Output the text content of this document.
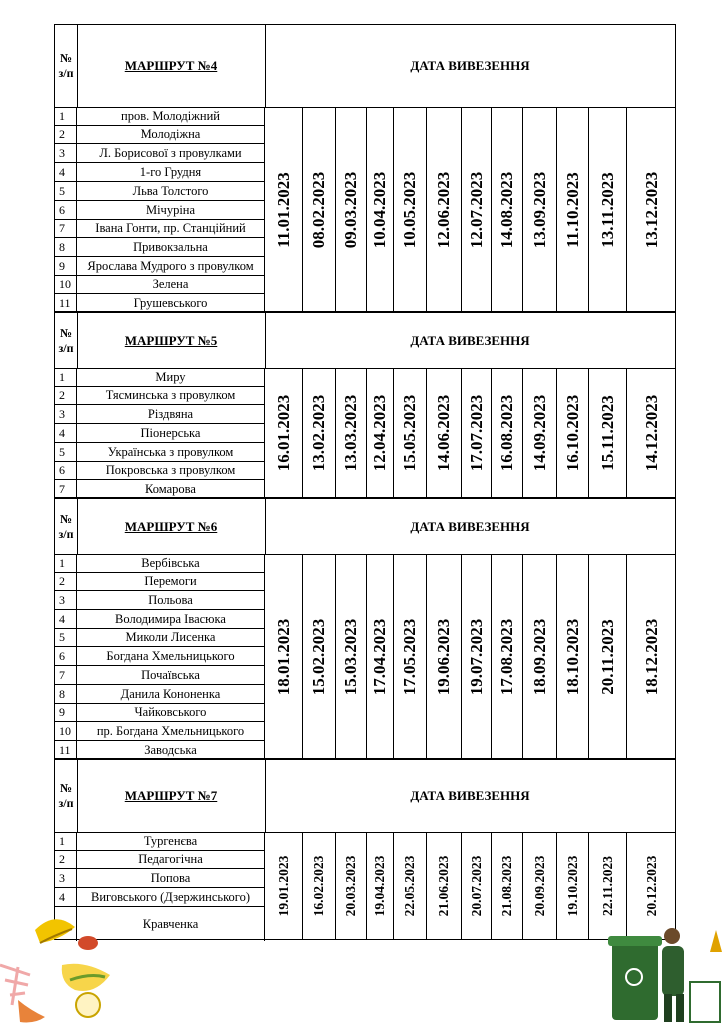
№ з/п	МАРШРУТ №4	ДАТА ВИВЕЗЕННЯ
1	пров. Молодіжний
2	Молодіжна
3	Л. Борисової з провулками
4	1-го Грудня
5	Льва Толстого
6	Мічуріна
7	Івана Гонти, пр. Станційний
8	Привокзальна
9	Ярослава Мудрого з провулком
10	Зелена
11	Грушевського
11.01.2023 08.02.2023 09.03.2023 10.04.2023 10.05.2023 12.06.2023 12.07.2023 14.08.2023 13.09.2023 11.10.2023 13.11.2023 13.12.2023
№ з/п	МАРШРУТ №5	ДАТА ВИВЕЗЕННЯ
1	Миру
2	Тясминська з провулком
3	Різдвяна
4	Піонерська
5	Українська з провулком
6	Покровська з провулком
7	Комарова
16.01.2023 13.02.2023 13.03.2023 12.04.2023 15.05.2023 14.06.2023 17.07.2023 16.08.2023 14.09.2023 16.10.2023 15.11.2023 14.12.2023
№ з/п	МАРШРУТ №6	ДАТА ВИВЕЗЕННЯ
1	Вербівська
2	Перемоги
3	Польова
4	Володимира Івасюка
5	Миколи Лисенка
6	Богдана Хмельницького
7	Почаївська
8	Данила Кононенка
9	Чайковського
10	пр. Богдана Хмельницького
11	Заводська
18.01.2023 15.02.2023 15.03.2023 17.04.2023 17.05.2023 19.06.2023 19.07.2023 17.08.2023 18.09.2023 18.10.2023 20.11.2023 18.12.2023
№ з/п	МАРШРУТ №7	ДАТА ВИВЕЗЕННЯ
1	Тургенєва
2	Педагогічна
3	Попова
4	Виговського (Дзержинського)
Кравченка
19.01.2023 16.02.2023 20.03.2023 19.04.2023 22.05.2023 21.06.2023 20.07.2023 21.08.2023 20.09.2023 19.10.2023 22.11.2023 20.12.2023
